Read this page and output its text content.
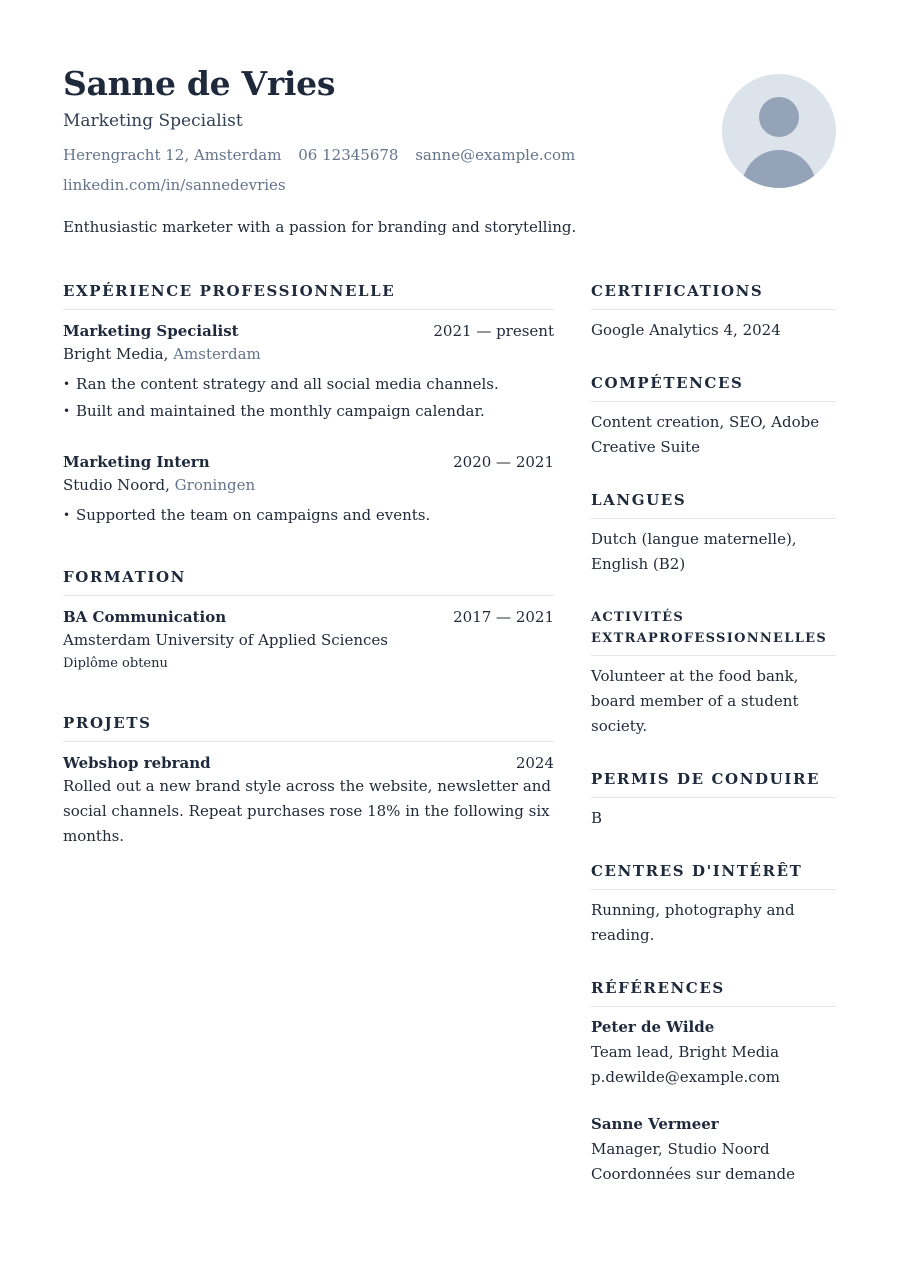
Sanne de Vries
Marketing Specialist
Herengracht 12, Amsterdam 06 12345678 sanne@example.com
linkedin.com/in/sannedevries
Enthusiastic marketer with a passion for branding and storytelling.
EXPÉRIENCE PROFESSIONNELLE
Marketing Specialist	2021 — present
Bright Media, Amsterdam
• Ran the content strategy and all social media channels.
• Built and maintained the monthly campaign calendar.
Marketing Intern	2020 — 2021
Studio Noord, Groningen
• Supported the team on campaigns and events.
FORMATION
BA Communication	2017 — 2021
Amsterdam University of Applied Sciences
Diplôme obtenu
PROJETS
Webshop rebrand	2024
Rolled out a new brand style across the website, newsletter and social channels. Repeat purchases rose 18% in the following six months.
CERTIFICATIONS
Google Analytics 4, 2024
COMPÉTENCES
Content creation, SEO, Adobe Creative Suite
LANGUES
Dutch (langue maternelle), English (B2)
ACTIVITÉS EXTRAPROFESSIONNELLES
Volunteer at the food bank, board member of a student society.
PERMIS DE CONDUIRE
B
CENTRES D'INTÉRÊT
Running, photography and reading.
RÉFÉRENCES
Peter de Wilde
Team lead, Bright Media
p.dewilde@example.com
Sanne Vermeer
Manager, Studio Noord
Coordonnées sur demande
